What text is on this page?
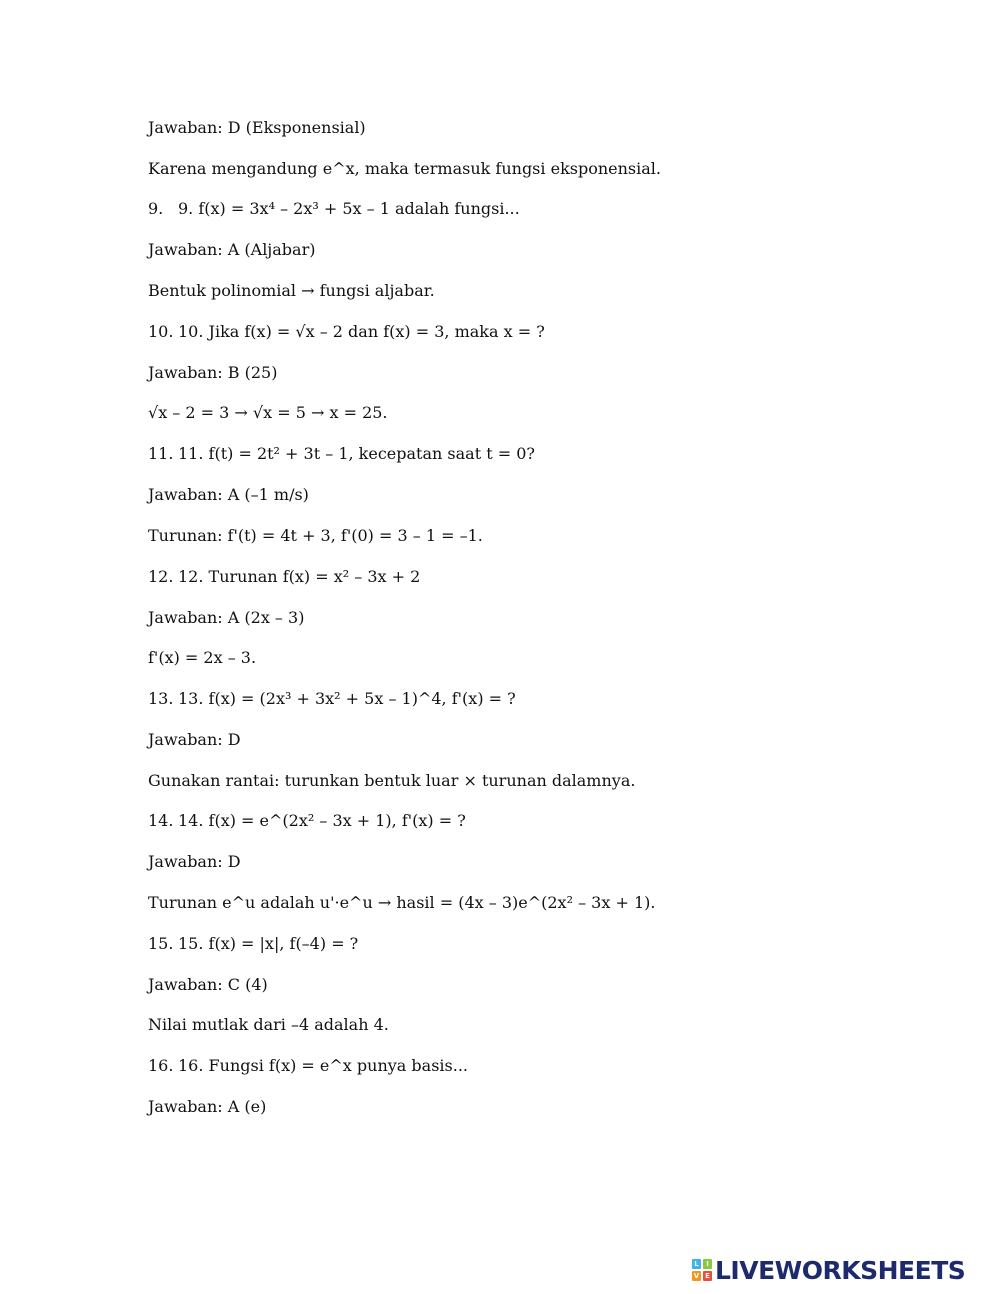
Jawaban: D (Eksponensial)
Karena mengandung e^x, maka termasuk fungsi eksponensial.
9. 9. f(x) = 3x⁴ – 2x³ + 5x – 1 adalah fungsi...
Jawaban: A (Aljabar)
Bentuk polinomial → fungsi aljabar.
10. 10. Jika f(x) = √x – 2 dan f(x) = 3, maka x = ?
Jawaban: B (25)
√x – 2 = 3 → √x = 5 → x = 25.
11. 11. f(t) = 2t² + 3t – 1, kecepatan saat t = 0?
Jawaban: A (–1 m/s)
Turunan: f'(t) = 4t + 3, f'(0) = 3 – 1 = –1.
12. 12. Turunan f(x) = x² – 3x + 2
Jawaban: A (2x – 3)
f'(x) = 2x – 3.
13. 13. f(x) = (2x³ + 3x² + 5x – 1)^4, f'(x) = ?
Jawaban: D
Gunakan rantai: turunkan bentuk luar × turunan dalamnya.
14. 14. f(x) = e^(2x² – 3x + 1), f'(x) = ?
Jawaban: D
Turunan e^u adalah u'·e^u → hasil = (4x – 3)e^(2x² – 3x + 1).
15. 15. f(x) = |x|, f(–4) = ?
Jawaban: C (4)
Nilai mutlak dari –4 adalah 4.
16. 16. Fungsi f(x) = e^x punya basis...
Jawaban: A (e)
L	I
V E LIVEWORKSHEETS
